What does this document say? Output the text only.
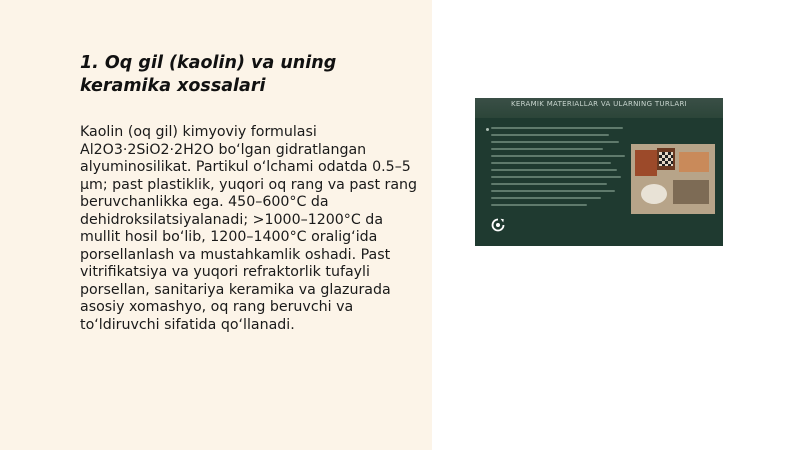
1. Oq gil (kaolin) va uning keramika xossalari

Kaolin (oq gil) kimyoviy formulasi Al2O3·2SiO2·2H2O bo‘lgan gidratlangan alyuminosilikat. Partikul o‘lchami odatda 0.5–5 μm; past plastiklik, yuqori oq rang va past rang beruvchanlikka ega. 450–600°C da dehidroksilatsiyalanadi; >1000–1200°C da mullit hosil bo‘lib, 1200–1400°C oralig‘ida porsellanlash va mustahkamlik oshadi. Past vitrifikatsiya va yuqori refraktorlik tufayli porsellan, sanitariya keramika va glazurada asosiy xomashyo, oq rang beruvchi va to‘ldiruvchi sifatida qo‘llanadi.

KERAMIK MATERIALLAR VA ULARNING TURLARI
